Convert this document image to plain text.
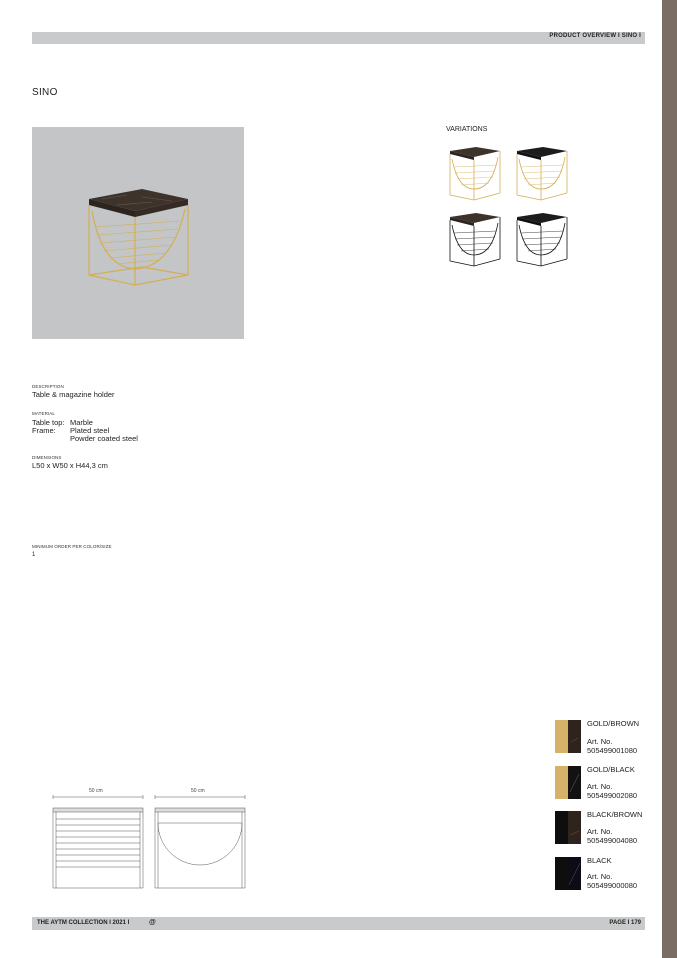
PRODUCT OVERVIEW I SINO I
SINO
VARIATIONS
DESCRIPTION
Table & magazine holder
MATERIAL
Table top: Marble
Frame: Plated steel
Powder coated steel
DIMENSIONS
L50 x W50 x H44,3 cm
MINIMUM ORDER PER COLOR/SIZE
1
50 cm	50 cm
GOLD/BROWN
Art. No.
505499001080
GOLD/BLACK
Art. No.
505499002080
BLACK/BROWN
Art. No.
505499004080
BLACK
Art. No.
505499000080
THE AYTM COLLECTION I 2021 I	@	PAGE I 179
